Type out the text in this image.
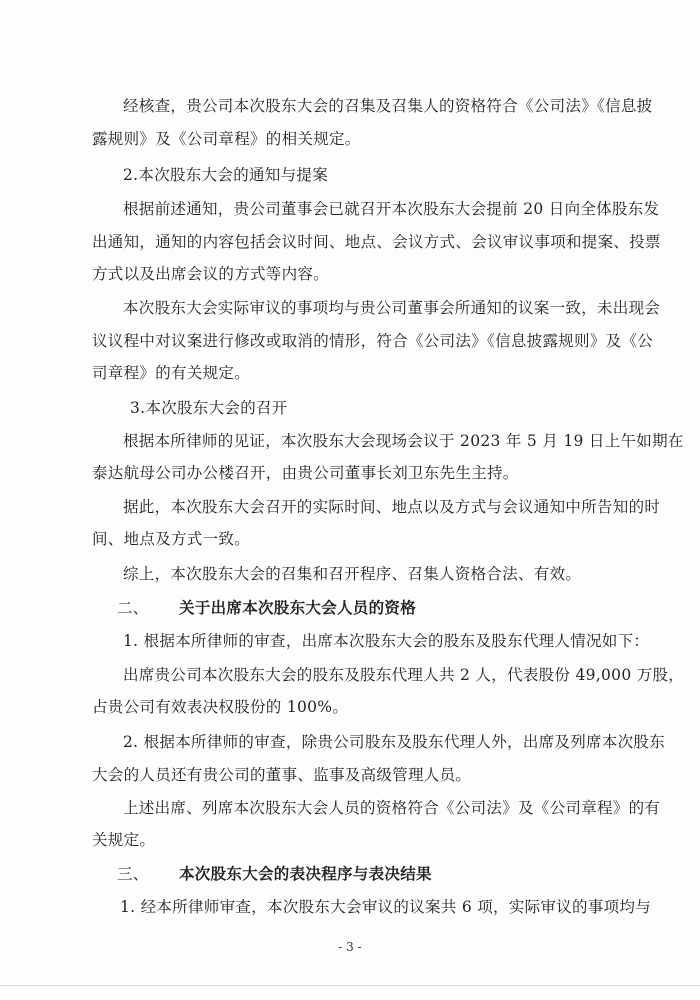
经核查，贵公司本次股东大会的召集及召集人的资格符合《公司法》《信息披
露规则》及《公司章程》的相关规定。
2.本次股东大会的通知与提案
根据前述通知，贵公司董事会已就召开本次股东大会提前 20 日向全体股东发
出通知，通知的内容包括会议时间、地点、会议方式、会议审议事项和提案、投票
方式以及出席会议的方式等内容。
本次股东大会实际审议的事项均与贵公司董事会所通知的议案一致，未出现会
议议程中对议案进行修改或取消的情形，符合《公司法》《信息披露规则》及《公
司章程》的有关规定。
3.本次股东大会的召开
根据本所律师的见证，本次股东大会现场会议于 2023 年 5 月 19 日上午如期在
泰达航母公司办公楼召开，由贵公司董事长刘卫东先生主持。
据此，本次股东大会召开的实际时间、地点以及方式与会议通知中所告知的时
间、地点及方式一致。
综上，本次股东大会的召集和召开程序、召集人资格合法、有效。
二、 关于出席本次股东大会人员的资格
1. 根据本所律师的审查，出席本次股东大会的股东及股东代理人情况如下：
出席贵公司本次股东大会的股东及股东代理人共 2 人，代表股份 49,000 万股，
占贵公司有效表决权股份的 100%。
2. 根据本所律师的审查，除贵公司股东及股东代理人外，出席及列席本次股东
大会的人员还有贵公司的董事、监事及高级管理人员。
上述出席、列席本次股东大会人员的资格符合《公司法》及《公司章程》的有
关规定。
三、 本次股东大会的表决程序与表决结果
1. 经本所律师审查，本次股东大会审议的议案共 6 项，实际审议的事项均与
- 3 -
